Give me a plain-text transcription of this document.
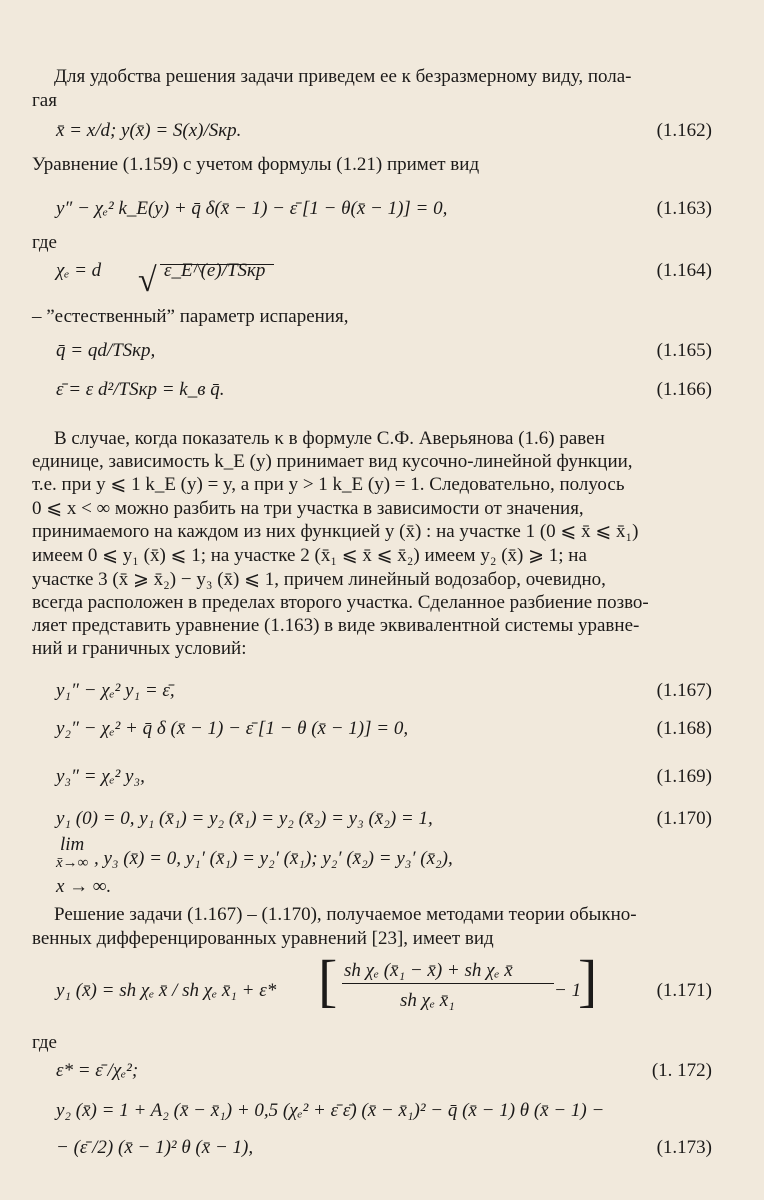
Для удобства решения задачи приведем ее к безразмерному виду, пола-
гая
x̄ = x/d; y(x̄) = S(x)/Sкр.	(1.162)
Уравнение (1.159) с учетом формулы (1.21) примет вид
y″ − χₑ² k_E(y) + q̄ δ(x̄ − 1) − ε̄ [1 − θ(x̄ − 1)] = 0,	(1.163)
где
χₑ = d √ ε_E^(e)/TSкр	(1.164)
– ”естественный” параметр испарения,
q̄ = qd/TSкр,	(1.165)
ε̄ = ε d²/TSкр = k_в q̄.	(1.166)
В случае, когда показатель κ в формуле С.Ф. Аверьянова (1.6) равен
единице, зависимость k_E (y) принимает вид кусочно-линейной функции,
т.е. при y ⩽ 1 k_E (y) = y, а при y > 1 k_E (y) = 1. Следовательно, полуось
0 ⩽ x < ∞ можно разбить на три участка в зависимости от значения,
принимаемого на каждом из них функцией y (x̄) : на участке 1 (0 ⩽ x̄ ⩽ x̄₁)
имеем 0 ⩽ y₁ (x̄) ⩽ 1; на участке 2 (x̄₁ ⩽ x̄ ⩽ x̄₂) имеем y₂ (x̄) ⩾ 1; на
участке 3 (x̄ ⩾ x̄₂) − y₃ (x̄) ⩽ 1, причем линейный водозабор, очевидно,
всегда расположен в пределах второго участка. Сделанное разбиение позво-
ляет представить уравнение (1.163) в виде эквивалентной системы уравне-
ний и граничных условий:
y₁″ − χₑ² y₁ = ε̄,	(1.167)
y₂″ − χₑ² + q̄ δ (x̄ − 1) − ε̄ [1 − θ (x̄ − 1)] = 0,	(1.168)
y₃″ = χₑ² y₃,	(1.169)
y₁ (0) = 0, y₁ (x̄₁) = y₂ (x̄₁) = y₂ (x̄₂) = y₃ (x̄₂) = 1,	(1.170)
lim
x̄→∞ , y₃ (x̄) = 0, y₁′ (x̄₁) = y₂′ (x̄₁); y₂′ (x̄₂) = y₃′ (x̄₂),
x → ∞.
Решение задачи (1.167) – (1.170), получаемое методами теории обыкно-
венных дифференцированных уравнений [23], имеет вид
y₁ (x̄) = sh χₑ x̄ / sh χₑ x̄₁ + ε* [ sh χₑ (x̄₁ − x̄) + sh χₑ x̄
sh χₑ x̄₁	− 1
]	(1.171)
где
ε* = ε̄ /χₑ²;	(1. 172)
y₂ (x̄) = 1 + A₂ (x̄ − x̄₁) + 0,5 (χₑ² + ε̄ ε̄) (x̄ − x̄₁)² − q̄ (x̄ − 1) θ (x̄ − 1) −
− (ε̄ /2) (x̄ − 1)² θ (x̄ − 1),	(1.173)
